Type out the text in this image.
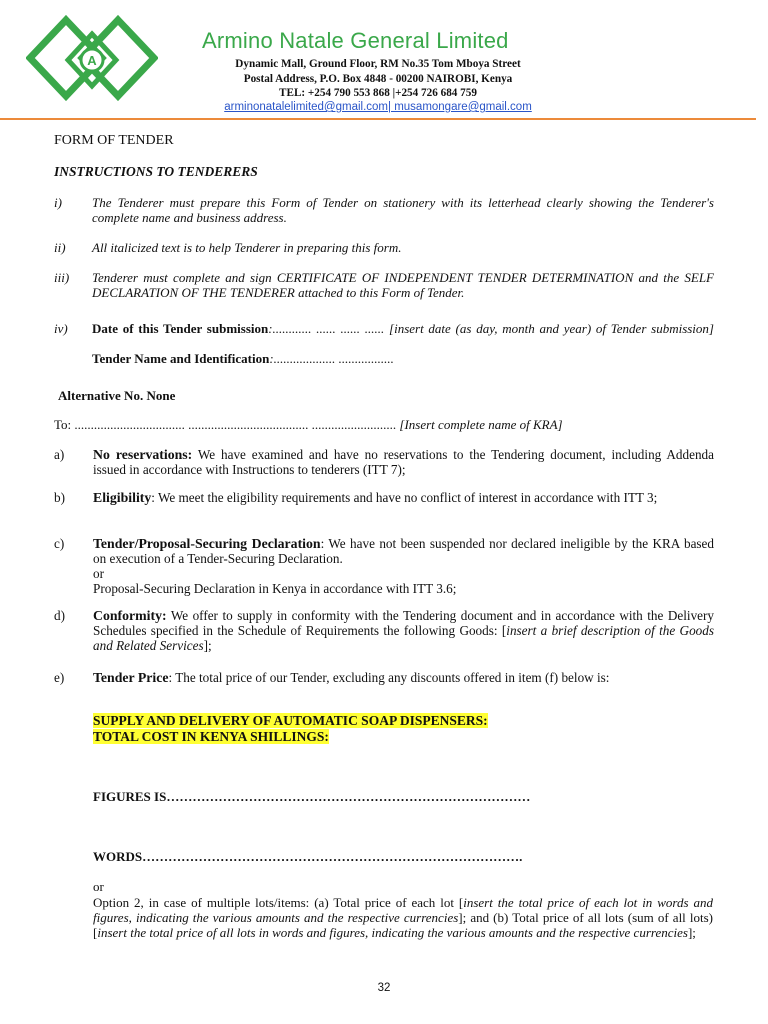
A
Armino Natale General Limited
Dynamic Mall, Ground Floor, RM No.35 Tom Mboya Street
Postal Address, P.O. Box 4848 - 00200 NAIROBI, Kenya
TEL: +254 790 553 868 |+254 726 684 759
arminonatalelimited@gmail.com| musamongare@gmail.com
FORM OF TENDER
INSTRUCTIONS TO TENDERERS
i) The Tenderer must prepare this Form of Tender on stationery with its letterhead clearly showing the Tenderer's complete name and business address.
ii) All italicized text is to help Tenderer in preparing this form.
iii) Tenderer must complete and sign CERTIFICATE OF INDEPENDENT TENDER DETERMINATION and the SELF DECLARATION OF THE TENDERER attached to this Form of Tender.
iv) Date of this Tender submission:............ ...... ...... ...... [insert date (as day, month and year) of Tender submission] Tender Name and Identification:................... .................
Alternative No. None
To: .................................. ..................................... .......................... [Insert complete name of KRA]
a) No reservations: We have examined and have no reservations to the Tendering document, including Addenda issued in accordance with Instructions to tenderers (ITT 7);
b) Eligibility: We meet the eligibility requirements and have no conflict of interest in accordance with ITT 3;
c) Tender/Proposal-Securing Declaration: We have not been suspended nor declared ineligible by the KRA based on execution of a Tender-Securing Declaration.
or
Proposal-Securing Declaration in Kenya in accordance with ITT 3.6;
d) Conformity: We offer to supply in conformity with the Tendering document and in accordance with the Delivery Schedules specified in the Schedule of Requirements the following Goods: [insert a brief description of the Goods and Related Services];
e) Tender Price: The total price of our Tender, excluding any discounts offered in item (f) below is:
SUPPLY AND DELIVERY OF AUTOMATIC SOAP DISPENSERS:
TOTAL COST IN KENYA SHILLINGS:
FIGURES IS…………………………………………………………………………
WORDS…………………………………………………………………………….
or
Option 2, in case of multiple lots/items: (a) Total price of each lot [insert the total price of each lot in words and figures, indicating the various amounts and the respective currencies]; and (b) Total price of all lots (sum of all lots) [insert the total price of all lots in words and figures, indicating the various amounts and the respective currencies];
32
